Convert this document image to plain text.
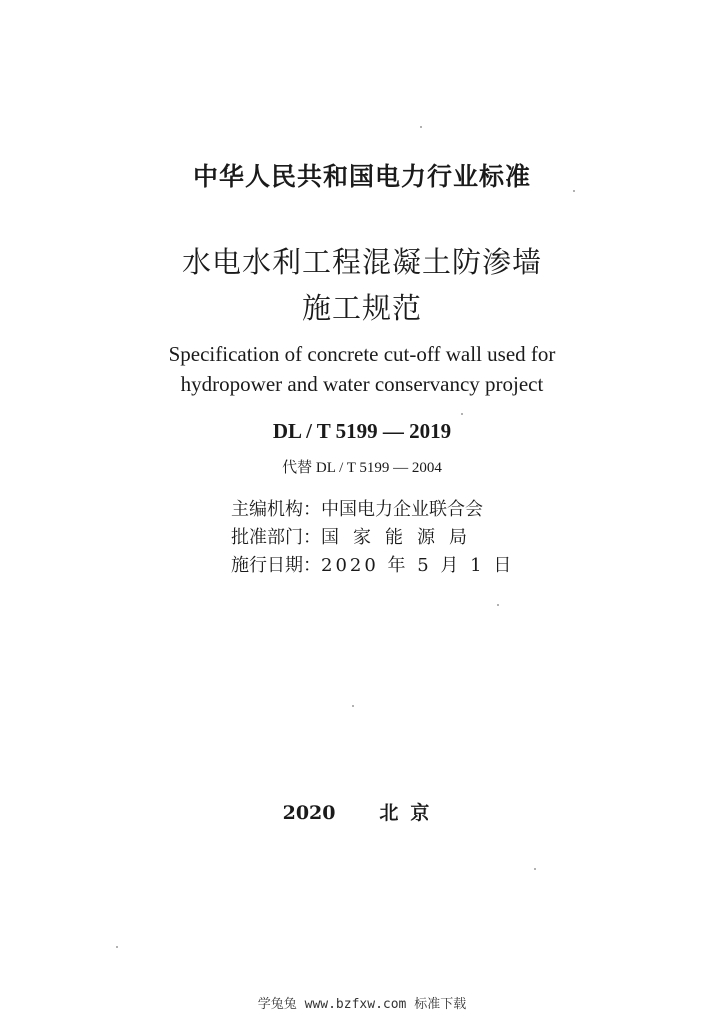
中华人民共和国电力行业标准
水电水利工程混凝土防渗墙
施工规范
Specification of concrete cut-off wall used for
hydropower and water conservancy project
DL / T 5199 — 2019
代替 DL / T 5199 — 2004
主编机构：中国电力企业联合会
批准部门：国家能源局
施行日期：2020 年 5 月 1 日
2020 北京
学兔兔 www.bzfxw.com 标准下载
